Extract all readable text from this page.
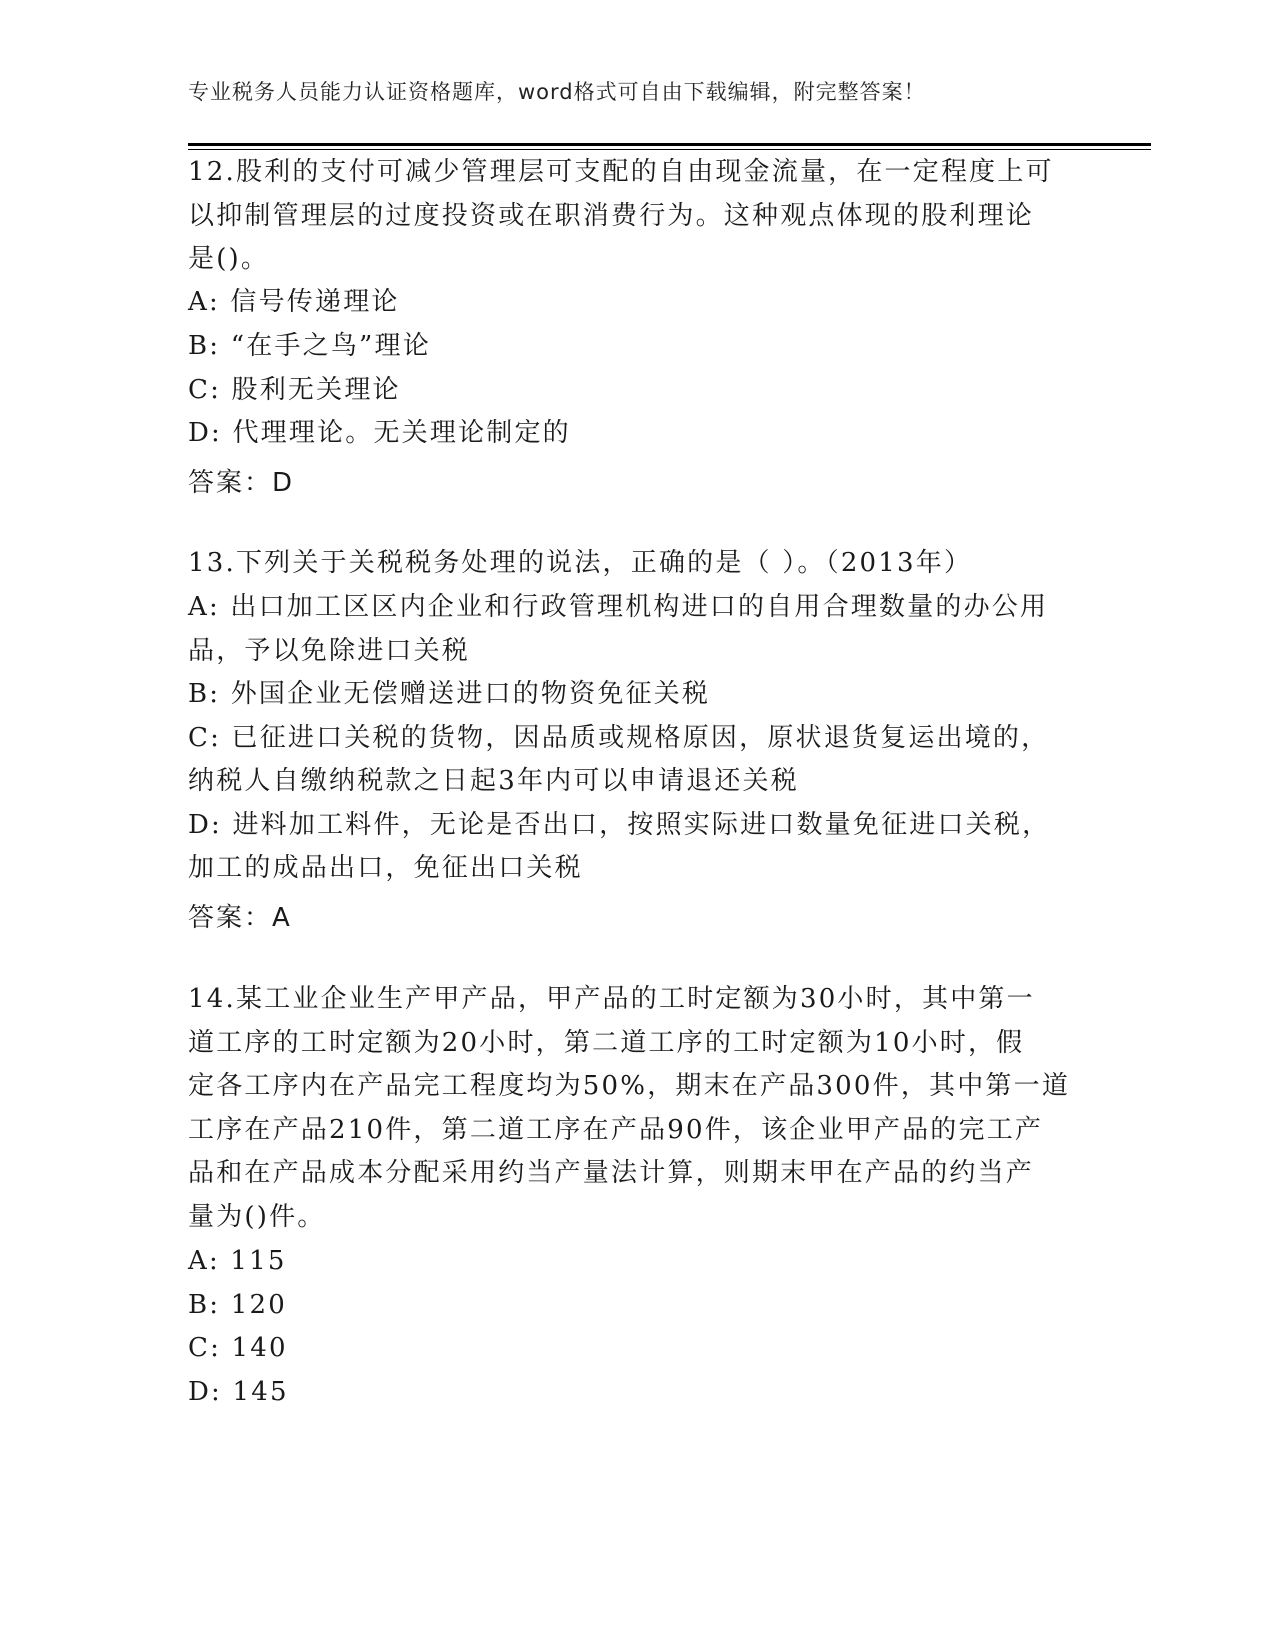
专业税务人员能力认证资格题库，word格式可自由下载编辑，附完整答案！
12.股利的支付可减少管理层可支配的自由现金流量，在一定程度上可
以抑制管理层的过度投资或在职消费行为。这种观点体现的股利理论
是()。
A: 信号传递理论
B: “在手之鸟”理论
C: 股利无关理论
D: 代理理论。无关理论制定的
答案：D
13.下列关于关税税务处理的说法，正确的是（ ）。（2013年）
A: 出口加工区区内企业和行政管理机构进口的自用合理数量的办公用
品，予以免除进口关税
B: 外国企业无偿赠送进口的物资免征关税
C: 已征进口关税的货物，因品质或规格原因，原状退货复运出境的，
纳税人自缴纳税款之日起3年内可以申请退还关税
D: 进料加工料件，无论是否出口，按照实际进口数量免征进口关税，
加工的成品出口，免征出口关税
答案：A
14.某工业企业生产甲产品，甲产品的工时定额为30小时，其中第一
道工序的工时定额为20小时，第二道工序的工时定额为10小时，假
定各工序内在产品完工程度均为50%，期末在产品300件，其中第一道
工序在产品210件，第二道工序在产品90件，该企业甲产品的完工产
品和在产品成本分配采用约当产量法计算，则期末甲在产品的约当产
量为()件。
A: 115
B: 120
C: 140
D: 145
